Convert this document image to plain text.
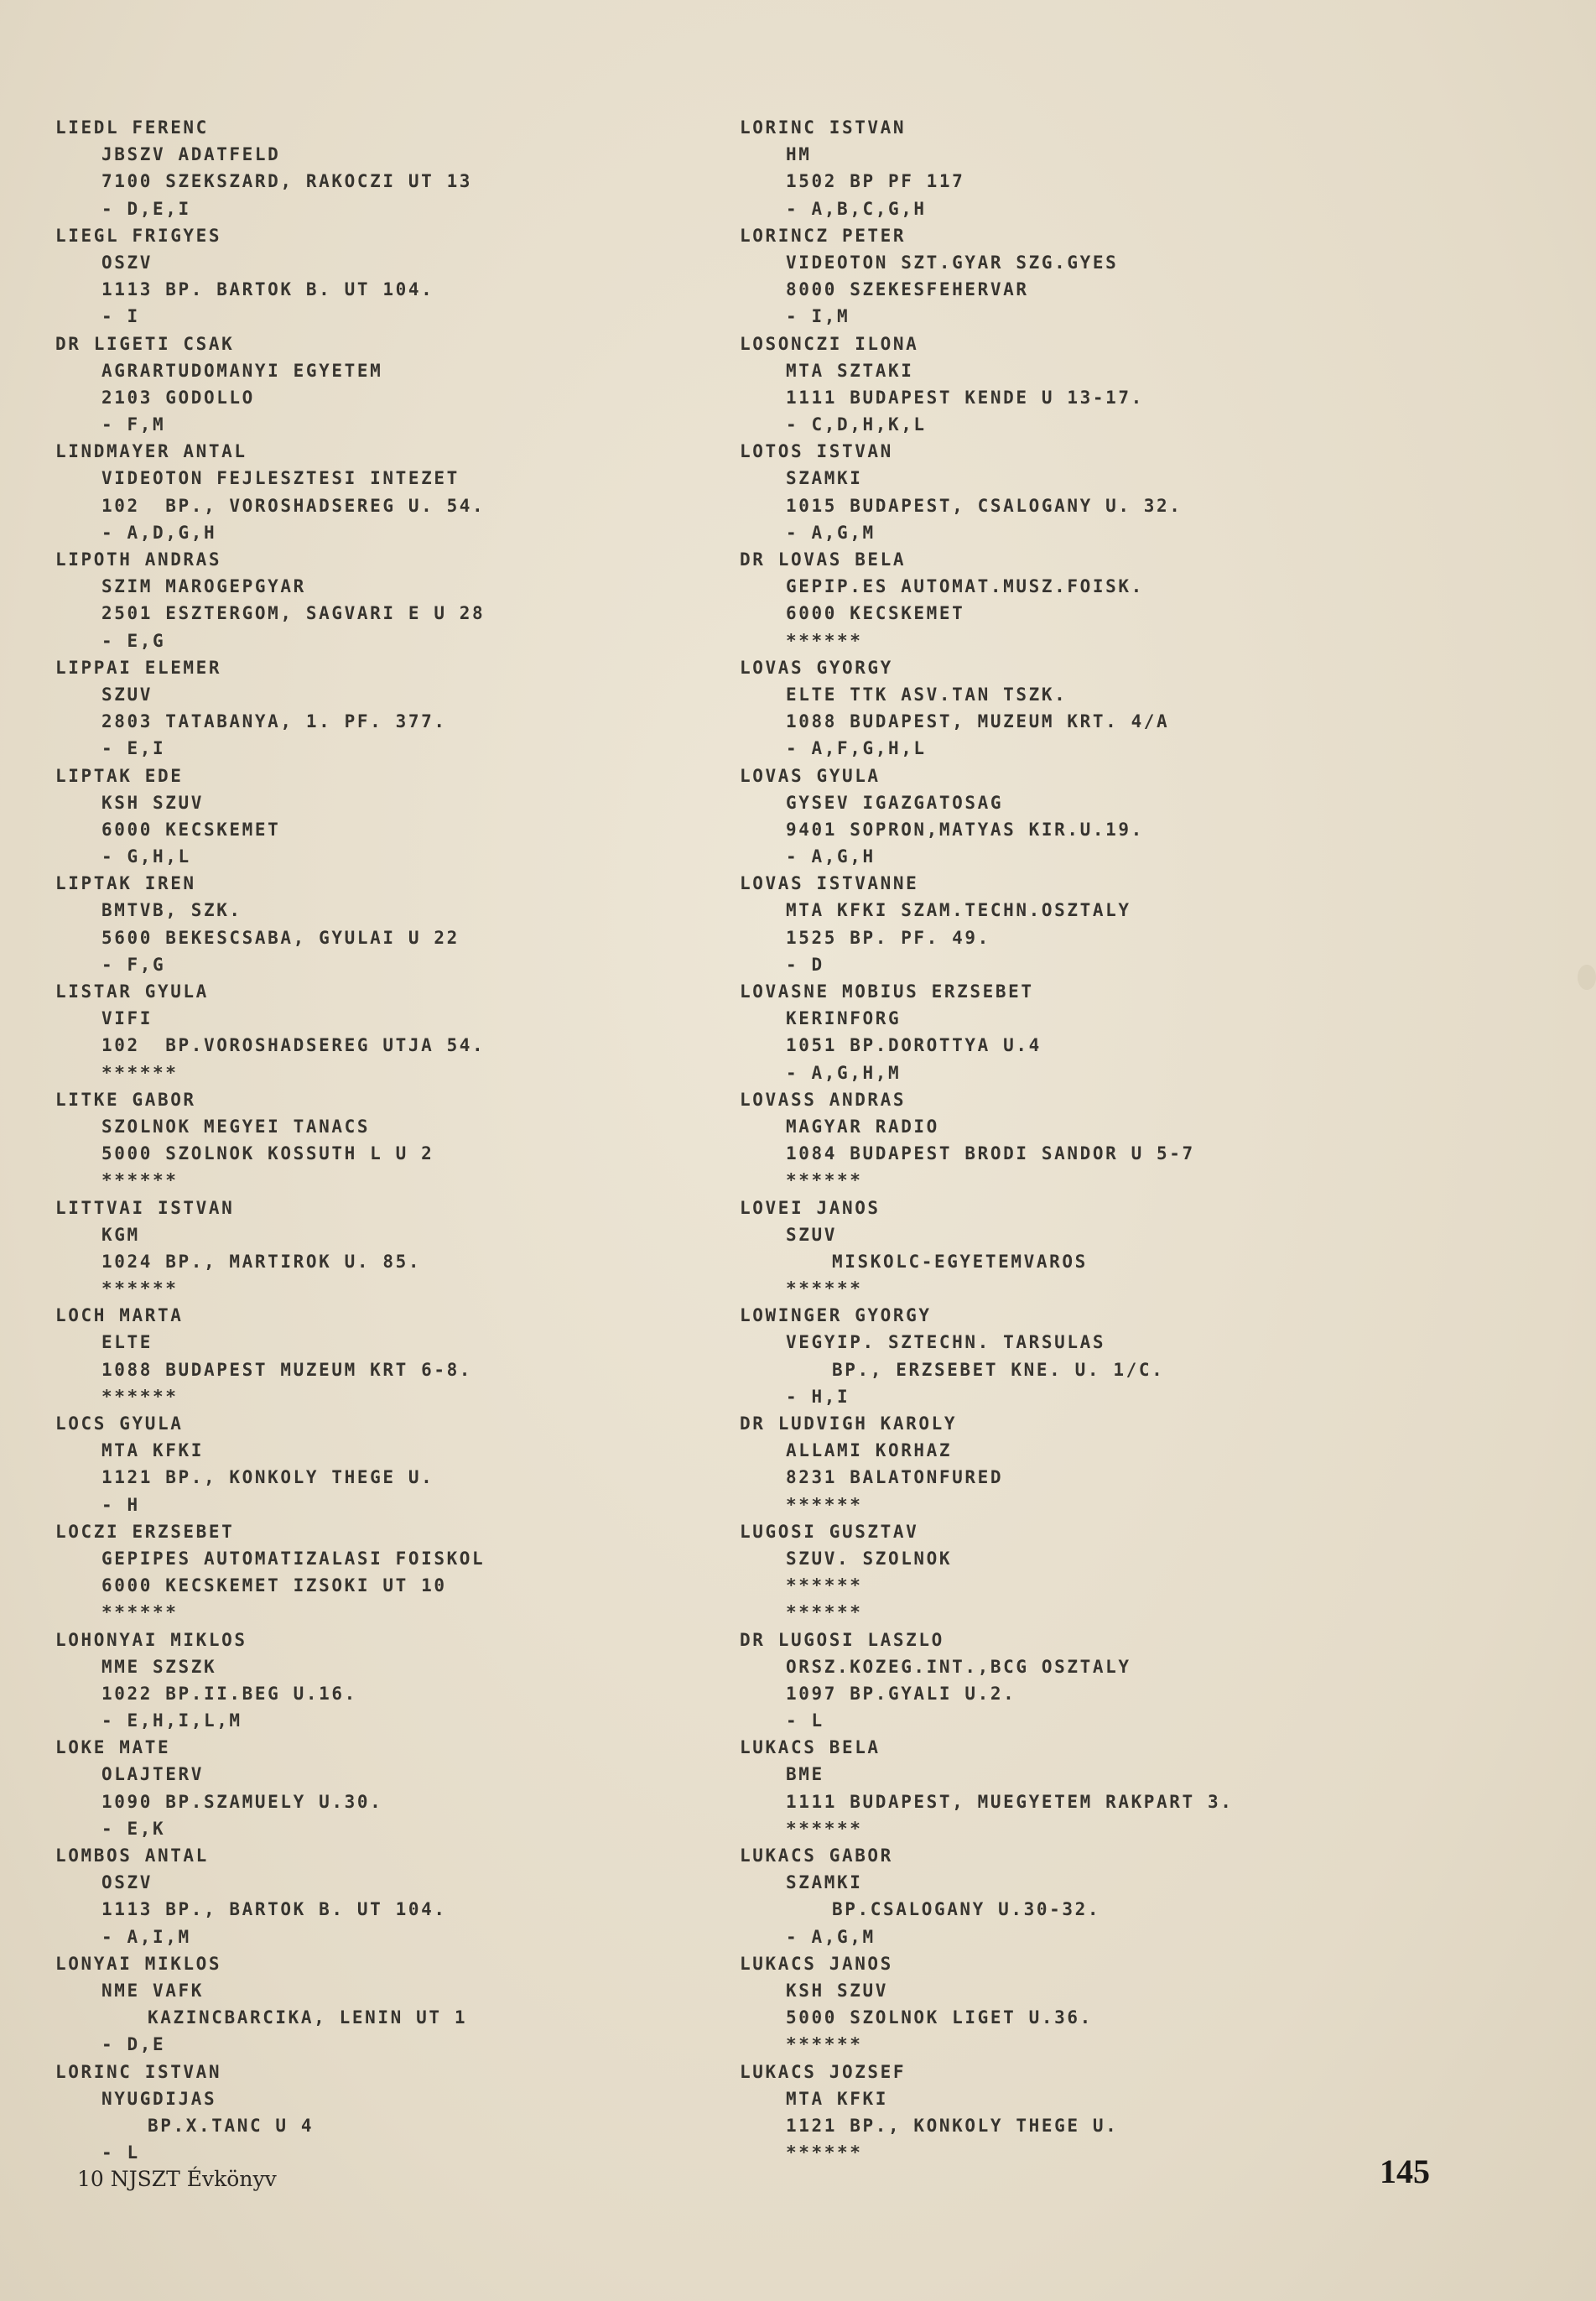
LIEDL FERENC
JBSZV ADATFELD
7100 SZEKSZARD, RAKOCZI UT 13
- D,E,I
LIEGL FRIGYES
OSZV
1113 BP. BARTOK B. UT 104.
- I
DR LIGETI CSAK
AGRARTUDOMANYI EGYETEM
2103 GODOLLO
- F,M
LINDMAYER ANTAL
VIDEOTON FEJLESZTESI INTEZET
102  BP., VOROSHADSEREG U. 54.
- A,D,G,H
LIPOTH ANDRAS
SZIM MAROGEPGYAR
2501 ESZTERGOM, SAGVARI E U 28
- E,G
LIPPAI ELEMER
SZUV
2803 TATABANYA, 1. PF. 377.
- E,I
LIPTAK EDE
KSH SZUV
6000 KECSKEMET
- G,H,L
LIPTAK IREN
BMTVB, SZK.
5600 BEKESCSABA, GYULAI U 22
- F,G
LISTAR GYULA
VIFI
102  BP.VOROSHADSEREG UTJA 54.
******
LITKE GABOR
SZOLNOK MEGYEI TANACS
5000 SZOLNOK KOSSUTH L U 2
******
LITTVAI ISTVAN
KGM
1024 BP., MARTIROK U. 85.
******
LOCH MARTA
ELTE
1088 BUDAPEST MUZEUM KRT 6-8.
******
LOCS GYULA
MTA KFKI
1121 BP., KONKOLY THEGE U.
- H
LOCZI ERZSEBET
GEPIPES AUTOMATIZALASI FOISKOL
6000 KECSKEMET IZSOKI UT 10
******
LOHONYAI MIKLOS
MME SZSZK
1022 BP.II.BEG U.16.
- E,H,I,L,M
LOKE MATE
OLAJTERV
1090 BP.SZAMUELY U.30.
- E,K
LOMBOS ANTAL
OSZV
1113 BP., BARTOK B. UT 104.
- A,I,M
LONYAI MIKLOS
NME VAFK
KAZINCBARCIKA, LENIN UT 1
- D,E
LORINC ISTVAN
NYUGDIJAS
BP.X.TANC U 4
- L
LORINC ISTVAN
HM
1502 BP PF 117
- A,B,C,G,H
LORINCZ PETER
VIDEOTON SZT.GYAR SZG.GYES
8000 SZEKESFEHERVAR
- I,M
LOSONCZI ILONA
MTA SZTAKI
1111 BUDAPEST KENDE U 13-17.
- C,D,H,K,L
LOTOS ISTVAN
SZAMKI
1015 BUDAPEST, CSALOGANY U. 32.
- A,G,M
DR LOVAS BELA
GEPIP.ES AUTOMAT.MUSZ.FOISK.
6000 KECSKEMET
******
LOVAS GYORGY
ELTE TTK ASV.TAN TSZK.
1088 BUDAPEST, MUZEUM KRT. 4/A
- A,F,G,H,L
LOVAS GYULA
GYSEV IGAZGATOSAG
9401 SOPRON,MATYAS KIR.U.19.
- A,G,H
LOVAS ISTVANNE
MTA KFKI SZAM.TECHN.OSZTALY
1525 BP. PF. 49.
- D
LOVASNE MOBIUS ERZSEBET
KERINFORG
1051 BP.DOROTTYA U.4
- A,G,H,M
LOVASS ANDRAS
MAGYAR RADIO
1084 BUDAPEST BRODI SANDOR U 5-7
******
LOVEI JANOS
SZUV
MISKOLC-EGYETEMVAROS
******
LOWINGER GYORGY
VEGYIP. SZTECHN. TARSULAS
BP., ERZSEBET KNE. U. 1/C.
- H,I
DR LUDVIGH KAROLY
ALLAMI KORHAZ
8231 BALATONFURED
******
LUGOSI GUSZTAV
SZUV. SZOLNOK
******
******
DR LUGOSI LASZLO
ORSZ.KOZEG.INT.,BCG OSZTALY
1097 BP.GYALI U.2.
- L
LUKACS BELA
BME
1111 BUDAPEST, MUEGYETEM RAKPART 3.
******
LUKACS GABOR
SZAMKI
BP.CSALOGANY U.30-32.
- A,G,M
LUKACS JANOS
KSH SZUV
5000 SZOLNOK LIGET U.36.
******
LUKACS JOZSEF
MTA KFKI
1121 BP., KONKOLY THEGE U.
******
10 NJSZT Évkönyv	145
